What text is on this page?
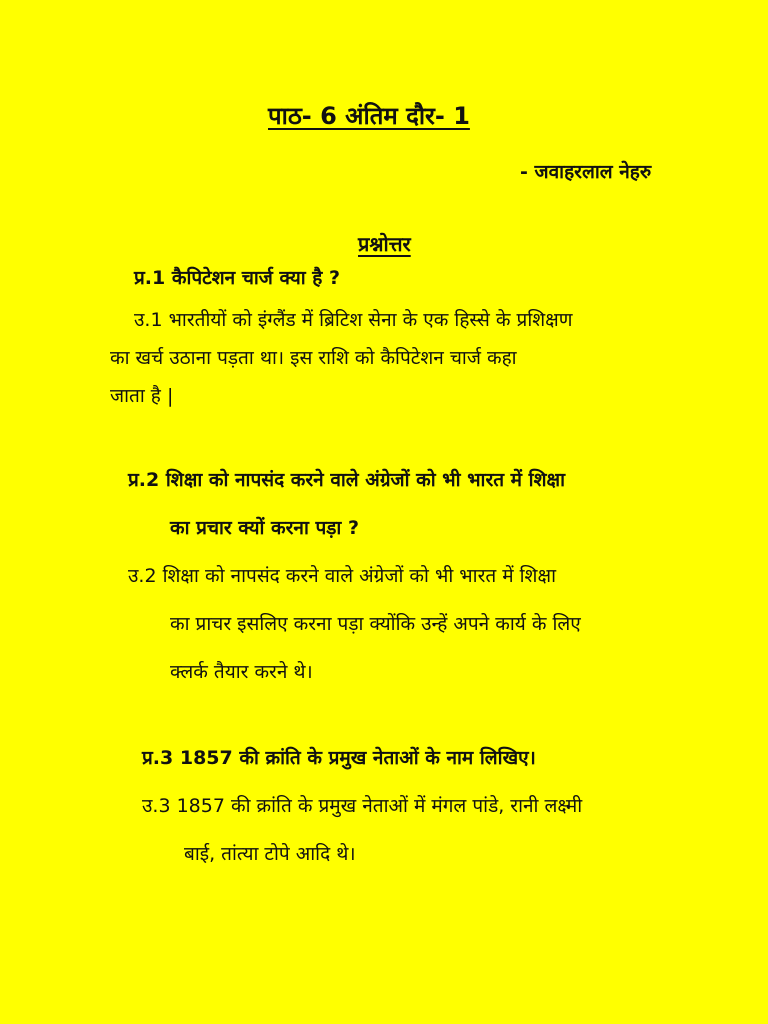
पाठ- 6 अंतिम दौर- 1
- जवाहरलाल नेहरु
प्रश्नोत्तर
प्र.1 कैपिटेशन चार्ज क्या है ?
उ.1 भारतीयों को इंग्लैंड में ब्रिटिश सेना के एक हिस्से के प्रशिक्षण
का खर्च उठाना पड़ता था। इस राशि को कैपिटेशन चार्ज कहा
जाता है |
प्र.2 शिक्षा को नापसंद करने वाले अंग्रेजों को भी भारत में शिक्षा
का प्रचार क्यों करना पड़ा ?
उ.2 शिक्षा को नापसंद करने वाले अंग्रेजों को भी भारत में शिक्षा
का प्राचर इसलिए करना पड़ा क्योंकि उन्हें अपने कार्य के लिए
क्लर्क तैयार करने थे।
प्र.3 1857 की क्रांति के प्रमुख नेताओं के नाम लिखिए।
उ.3 1857 की क्रांति के प्रमुख नेताओं में मंगल पांडे, रानी लक्ष्मी
बाई, तांत्या टोपे आदि थे।
